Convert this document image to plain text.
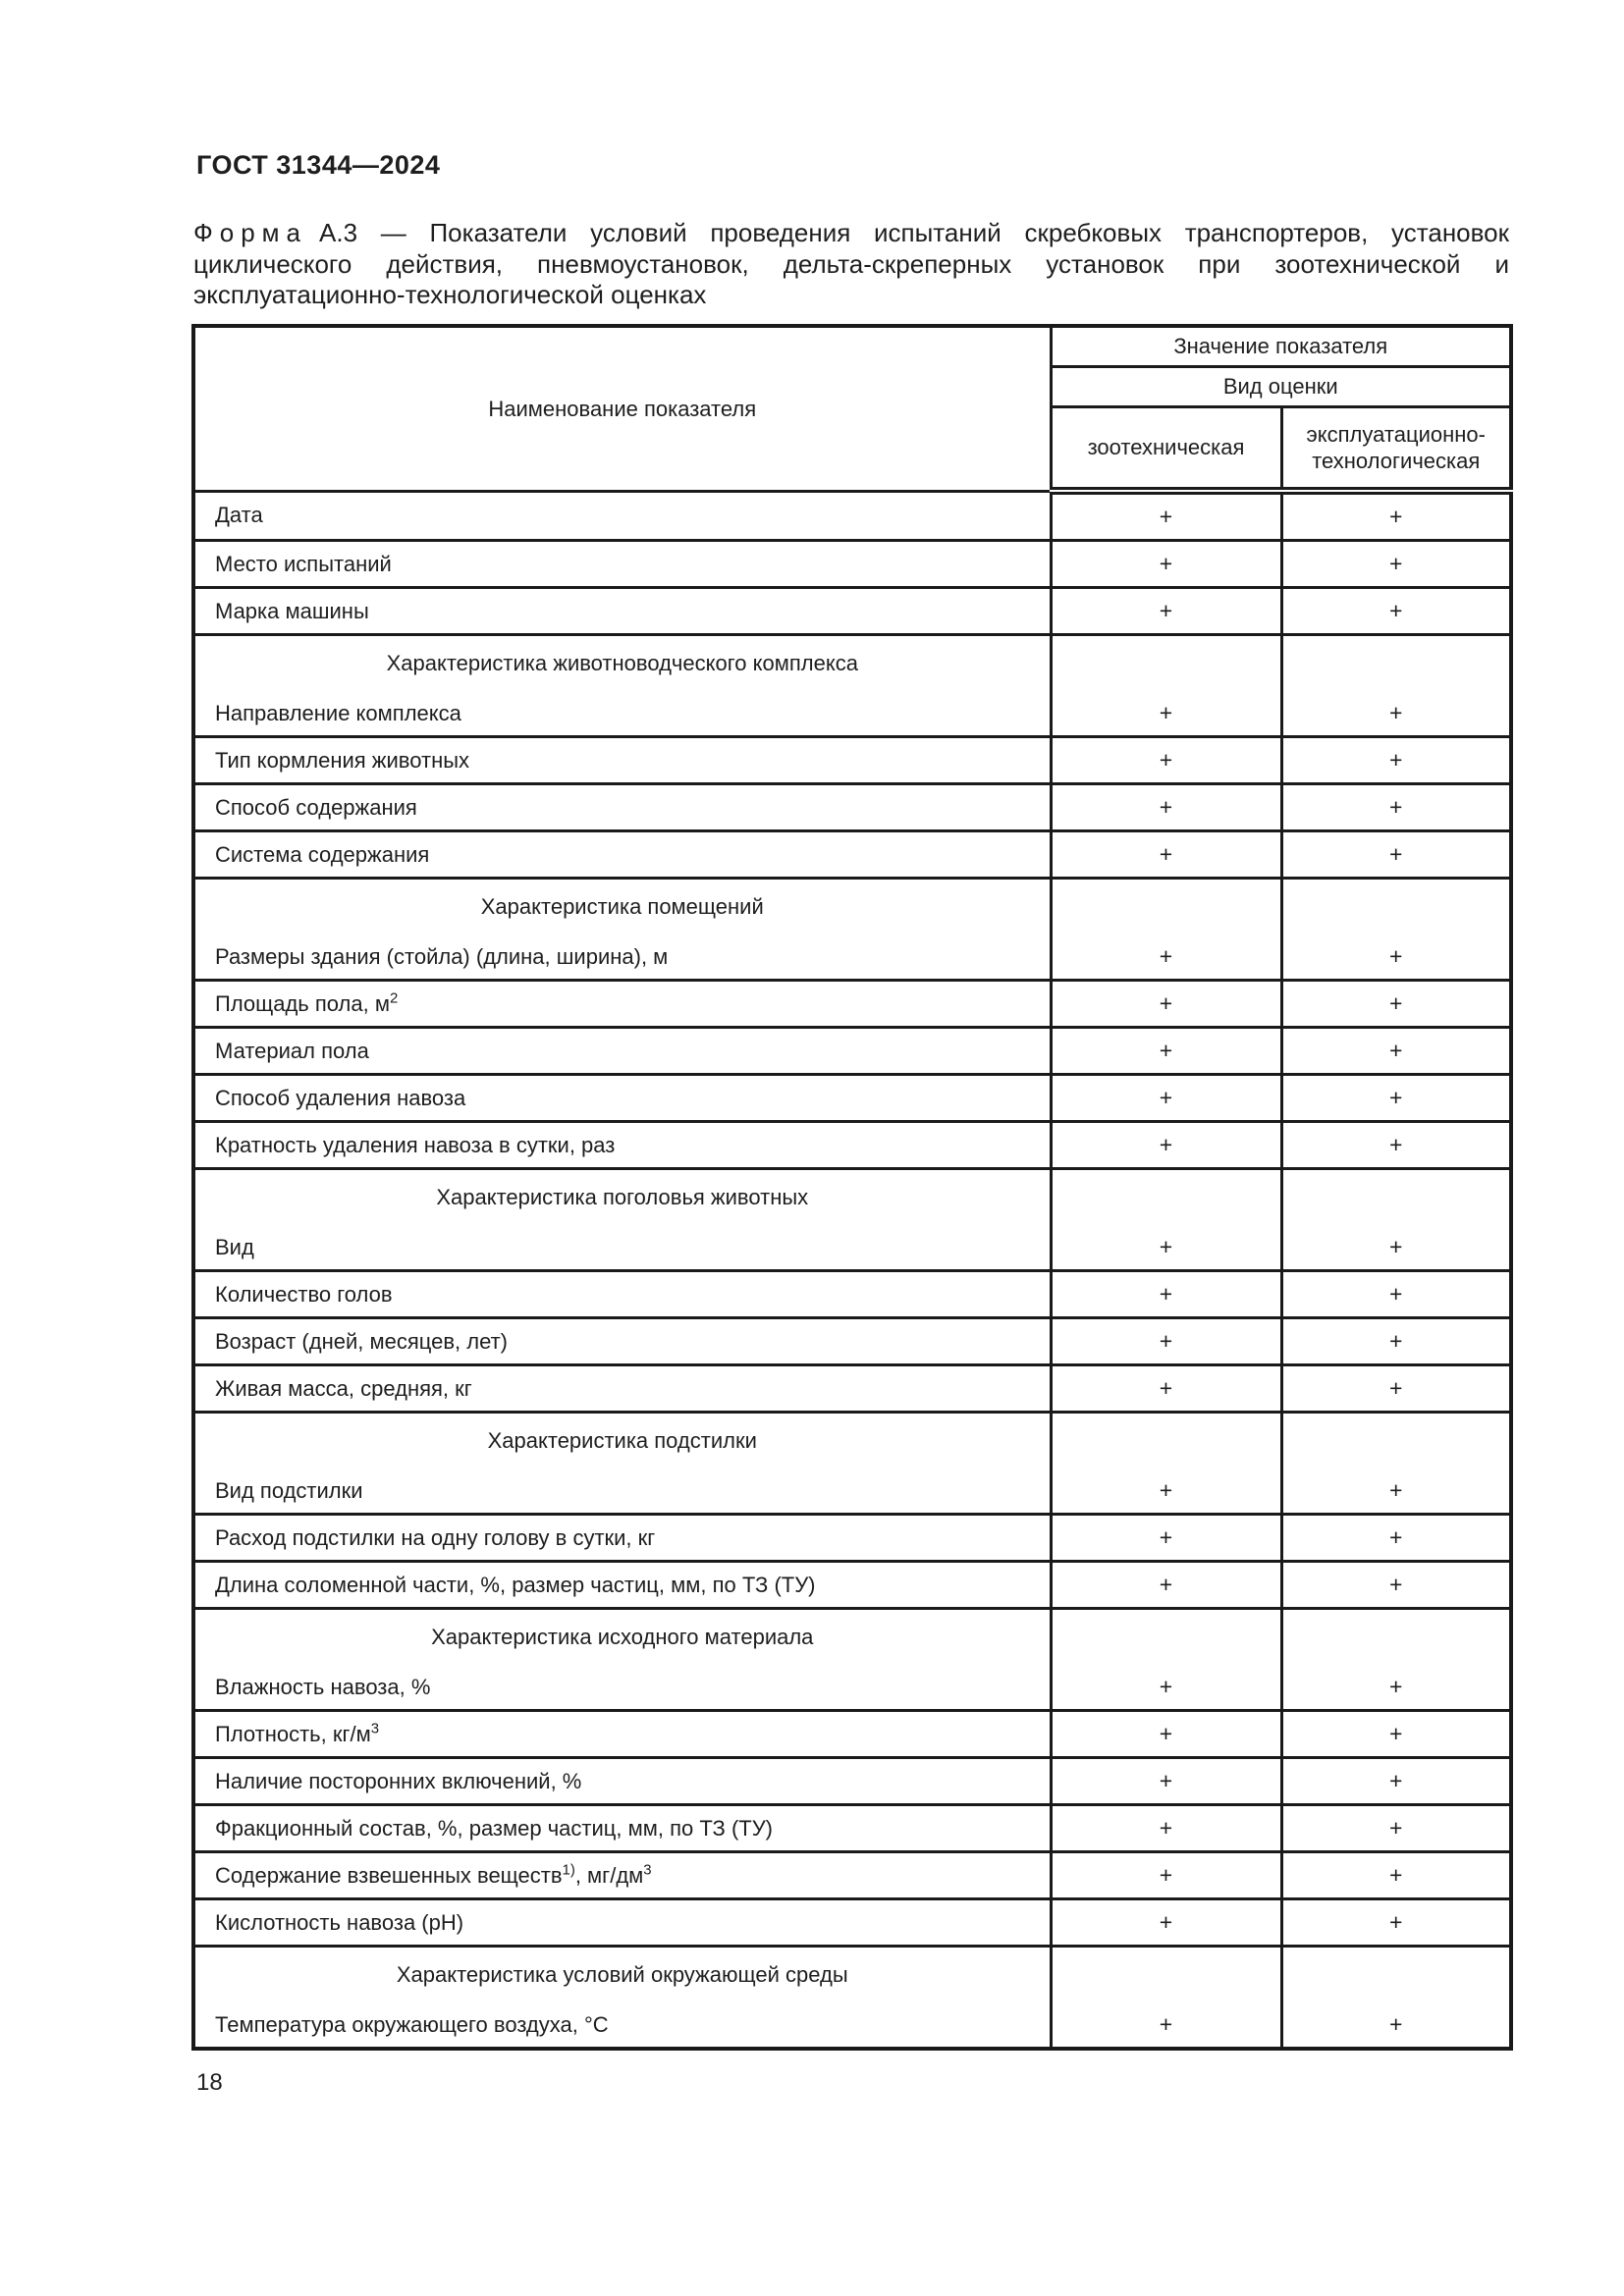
ГОСТ 31344—2024

Форма А.3 — Показатели условий проведения испытаний скребковых транспортеров, установок циклического действия, пневмоустановок, дельта-скреперных установок при зоотехнической и эксплуатационно-технологической оценках

Наименование показателя	Значение показателя	
	Вид оценки	
	зоотехническая	эксплуатационно-технологическая
Дата	+	+
Место испытаний	+	+
Марка машины	+	+
Характеристика животноводческого комплекса		
Направление комплекса	+	+
Тип кормления животных	+	+
Способ содержания	+	+
Система содержания	+	+
Характеристика помещений		
Размеры здания (стойла) (длина, ширина), м	+	+
Площадь пола, $м^2$	+	+
Материал пола	+	+
Способ удаления навоза	+	+
Кратность удаления навоза в сутки, раз	+	+
Характеристика поголовья животных		
Вид	+	+
Количество голов	+	+
Возраст (дней, месяцев, лет)	+	+
Живая масса, средняя, кг	+	+
Характеристика подстилки		
Вид подстилки	+	+
Расход подстилки на одну голову в сутки, кг	+	+
Длина соломенной части, %, размер частиц, мм, по ТЗ (ТУ)	+	+
Характеристика исходного материала		
Влажность навоза, %	+	+
Плотность, $кг/м^3$	+	+
Наличие посторонних включений, %	+	+
Фракционный состав, %, размер частиц, мм, по ТЗ (ТУ)	+	+
Содержание взвешенных веществ$^{1)}$, $мг/дм^3$	+	+
Кислотность навоза (pH)	+	+
Характеристика условий окружающей среды		
Температура окружающего воздуха, °С	+	+
18
